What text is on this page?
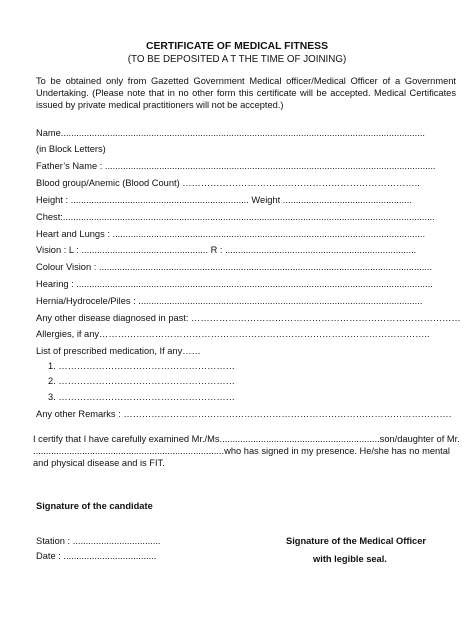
CERTIFICATE OF MEDICAL FITNESS
(TO BE DEPOSITED A T THE TIME OF JOINING)
To be obtained only from Gazetted Government Medical officer/Medical Officer of a Government Undertaking. (Please note that in no other form this certificate will be accepted. Medical Certificates issued by private medical practitioners will not be accepted.)
Name.............................................................................................................................................
(in Block Letters)
Father’s Name : ................................................................................................................................
Blood group/Anemic (Blood Count) …………………………………………………………………..
Height : ..................................................................... Weight ..................................................
Chest:................................................................................................................................................
Heart and Lungs : .........................................................................................................................
Vision : L : ................................................. R : ..........................................................................
Colour Vision : .................................................................................................................................
Hearing : ..........................................................................................................................................
Hernia/Hydrocele/Piles : ..............................................................................................................
Any other disease diagnosed in past: ……………………………………………………………………………
Allergies, if any……………………………………………………………………………………………..
List of prescribed medication, If any……
1. …………………………………………………
2. …………………………………………………
3. …………………………………………………
Any other Remarks : …………………………………………………………………………………………….
I certify that I have carefully examined Mr./Ms..............................................................son/daughter of Mr.
..........................................................................who has signed in my presence. He/she has no mental
and physical disease and is FIT.
Signature of the candidate
Station : ..................................
Date : ....................................
Signature of the Medical Officer
with legible seal.
